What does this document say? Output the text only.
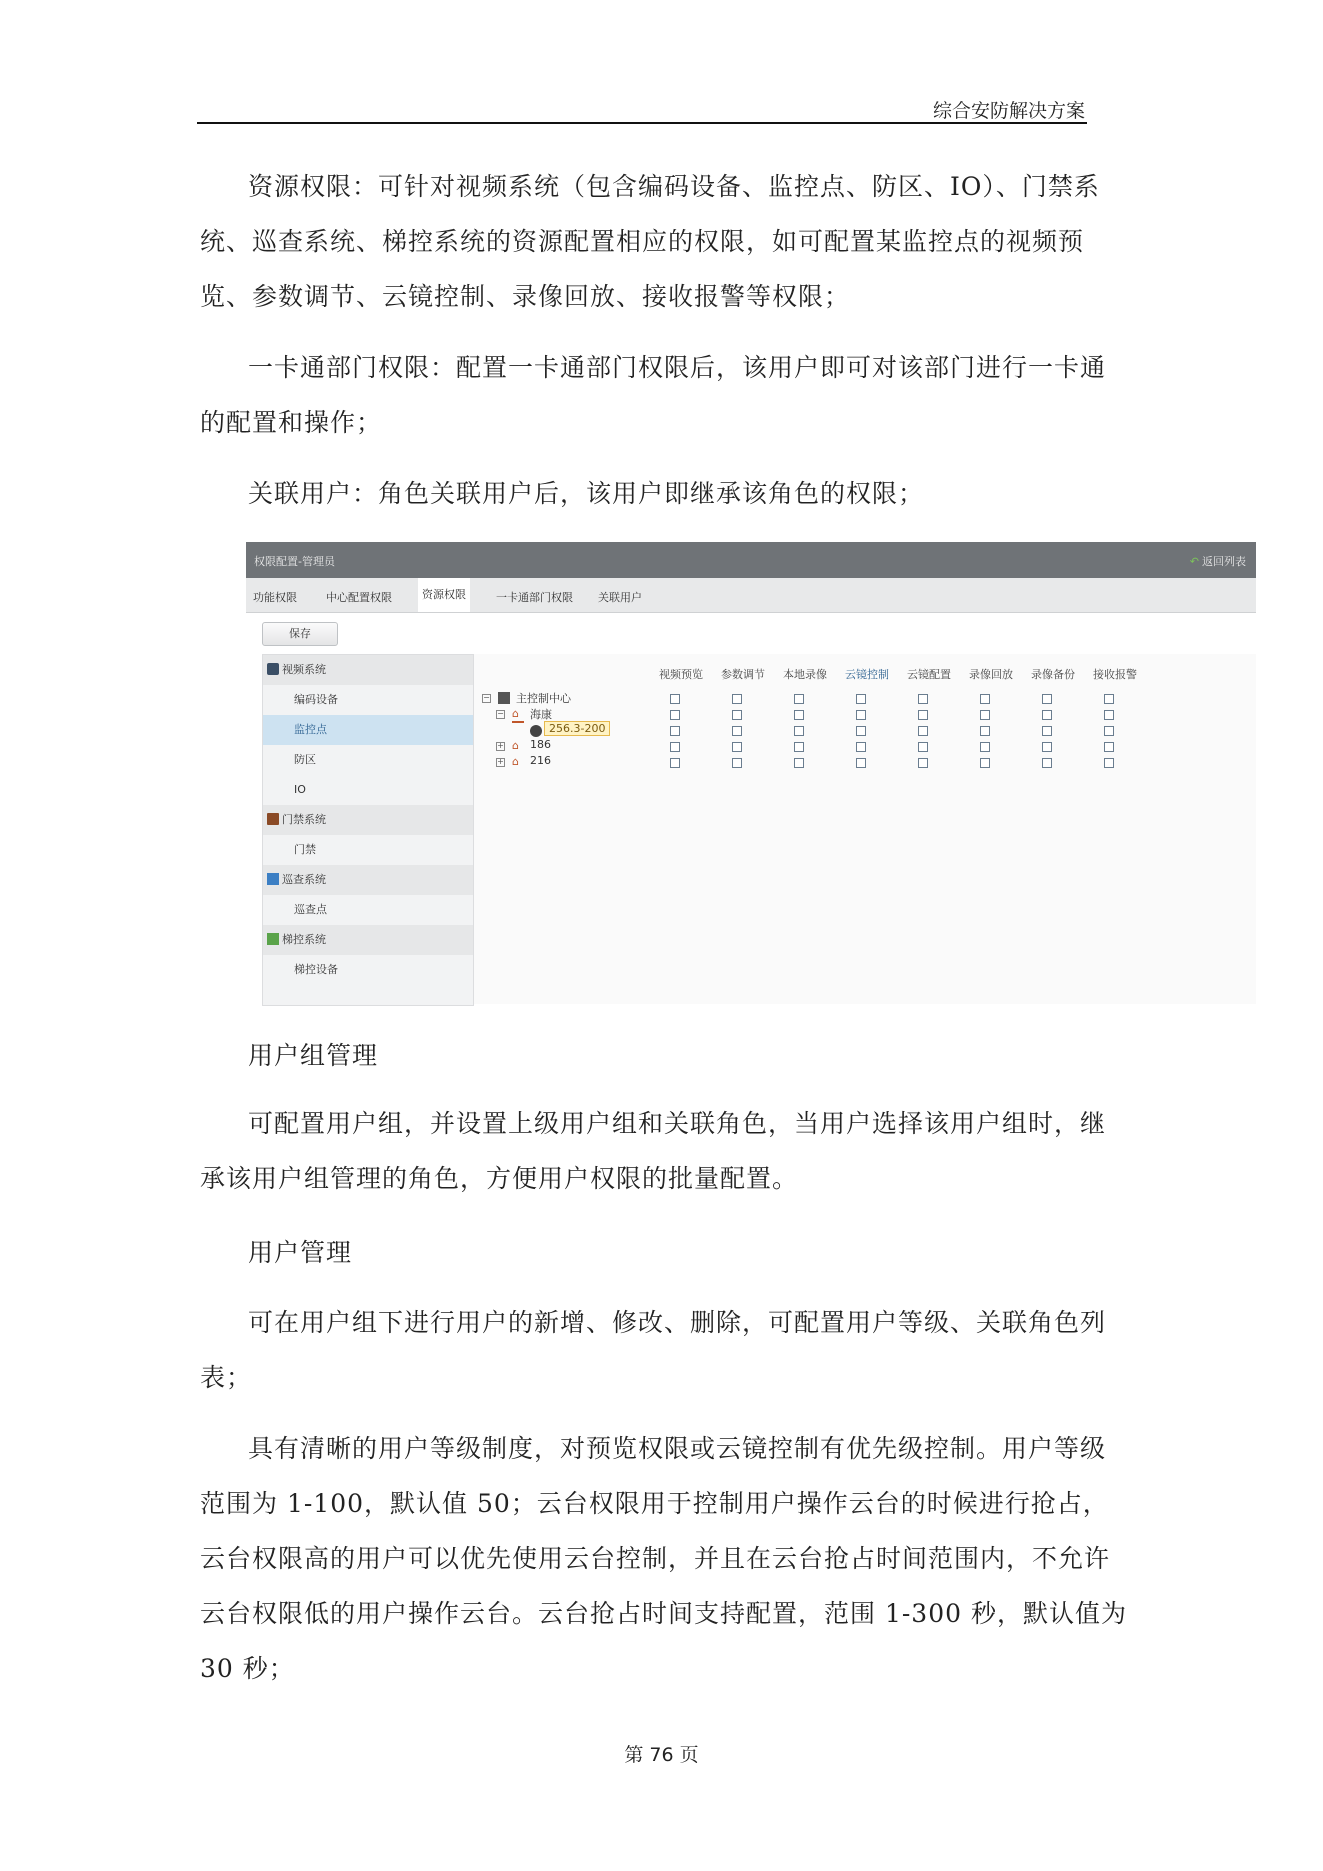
综合安防解决方案

资源权限：可针对视频系统（包含编码设备、监控点、防区、IO）、门禁系统、巡查系统、梯控系统的资源配置相应的权限，如可配置某监控点的视频预览、参数调节、云镜控制、录像回放、接收报警等权限；

一卡通部门权限：配置一卡通部门权限后，该用户即可对该部门进行一卡通的配置和操作；

关联用户：角色关联用户后，该用户即继承该角色的权限；

权限配置-管理员	↶ 返回列表
功能权限	中心配置权限	资源权限	一卡通部门权限 关联用户
保存
视频系统
编码设备
监控点
防区
IO
门禁系统
门禁
巡查系统
巡查点
梯控系统
梯控设备
视频预览 参数调节 本地录像 云镜控制 云镜配置 录像回放 录像备份 接收报警
− 主控制中心
− ⌂	海康
256.3-200
+ ⌂	186
+ ⌂	216

用户组管理

可配置用户组，并设置上级用户组和关联角色，当用户选择该用户组时，继承该用户组管理的角色，方便用户权限的批量配置。

用户管理

可在用户组下进行用户的新增、修改、删除，可配置用户等级、关联角色列表；

具有清晰的用户等级制度，对预览权限或云镜控制有优先级控制。用户等级范围为 1-100，默认值 50；云台权限用于控制用户操作云台的时候进行抢占，云台权限高的用户可以优先使用云台控制，并且在云台抢占时间范围内，不允许云台权限低的用户操作云台。云台抢占时间支持配置，范围 1-300 秒，默认值为 30 秒；

第 76 页
